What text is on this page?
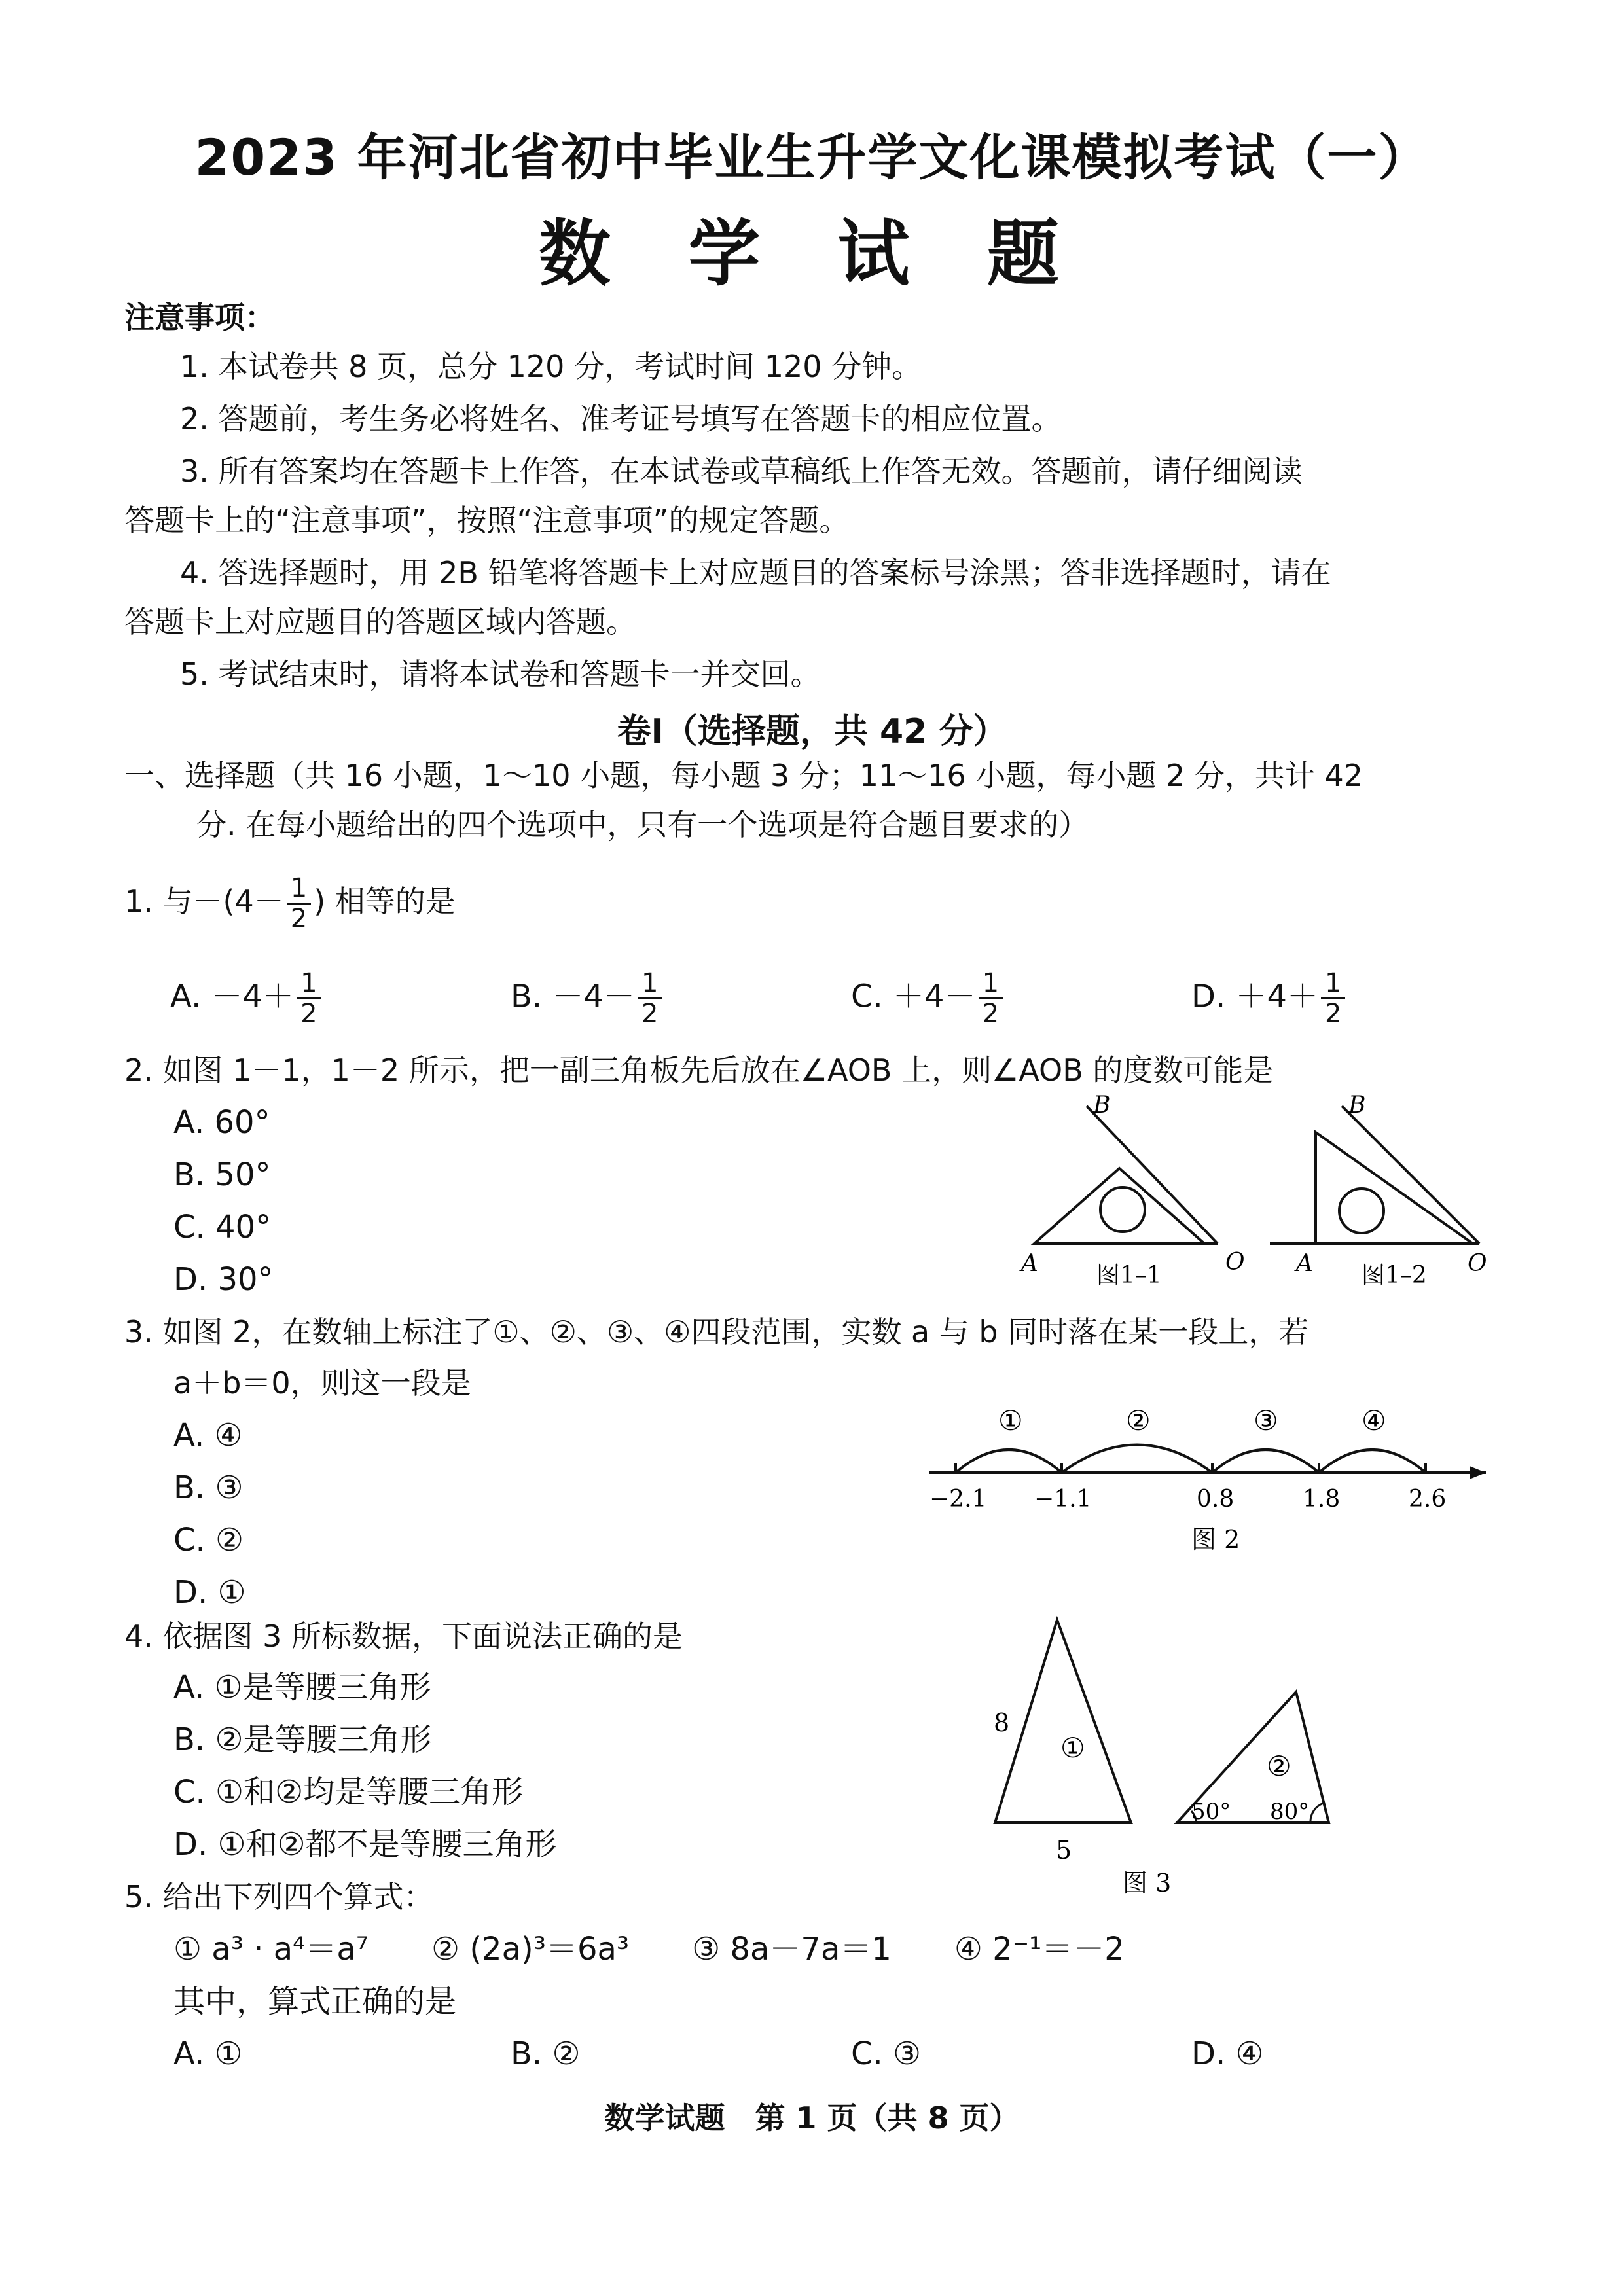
2023 年河北省初中毕业生升学文化课模拟考试（一）
数 学 试 题
注意事项：
1. 本试卷共 8 页，总分 120 分，考试时间 120 分钟。
2. 答题前，考生务必将姓名、准考证号填写在答题卡的相应位置。
3. 所有答案均在答题卡上作答，在本试卷或草稿纸上作答无效。答题前，请仔细阅读
答题卡上的“注意事项”，按照“注意事项”的规定答题。
4. 答选择题时，用 2B 铅笔将答题卡上对应题目的答案标号涂黑；答非选择题时，请在
答题卡上对应题目的答题区域内答题。
5. 考试结束时，请将本试卷和答题卡一并交回。
卷Ⅰ（选择题，共 42 分）
一、选择题（共 16 小题，1～10 小题，每小题 3 分；11～16 小题，每小题 2 分，共计 42
分. 在每小题给出的四个选项中，只有一个选项是符合题目要求的）
1. 与$-(4- \frac{1}{2}$ ) 相等的是
A. $-4+ \frac{1}{2}$	B. $-4- \frac{1}{2}$	C. $+4- \frac{1}{2}$	D. $+4+ \frac{1}{2}$
2. 如图 1－1，1－2 所示，把一副三角板先后放在∠AOB 上，则∠AOB 的度数可能是
A. 60°
B. 50°
C. 40°
D. 30°	A
B
O
图1–1	A
B
O
图1–2
3. 如图 2，在数轴上标注了①、②、③、④四段范围，实数 a 与 b 同时落在某一段上，若
a＋b＝0，则这一段是
A. ④
B. ③
C. ②
D. ①
①	②	③	④
−2.1 −1.1	0.8	1.8	2.6
图 2
4. 依据图 3 所标数据，下面说法正确的是
A. ①是等腰三角形
B. ②是等腰三角形
C. ①和②均是等腰三角形
D. ①和②都不是等腰三角形
①
8
5
②
50° 80°
图 3
5. 给出下列四个算式：
① a³ · a⁴＝a⁷　　② (2a)³＝6a³　　③ 8a－7a＝1　　④ 2⁻¹＝－2
其中，算式正确的是
A. ①	B. ②	C. ③	D. ④
数学试题　第 1 页（共 8 页）
